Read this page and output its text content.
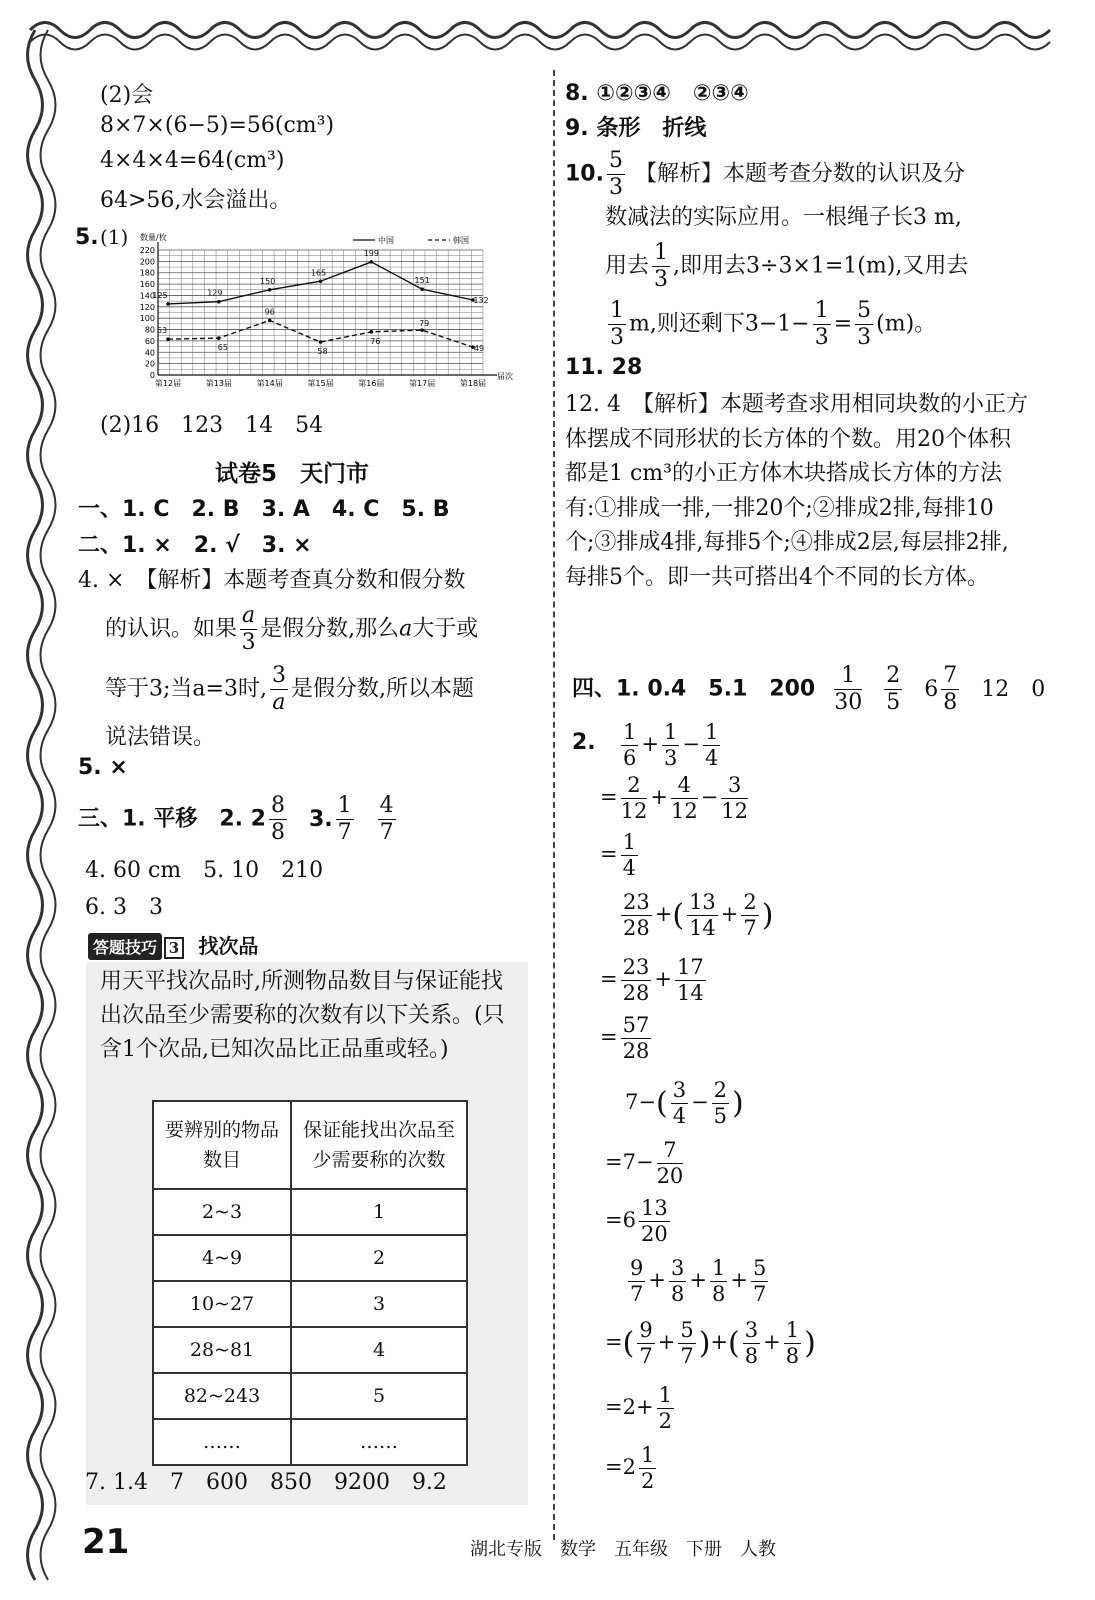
(2)会
8×7×(6−5)=56(cm³)
4×4×4=64(cm³)
64>56,水会溢出。
5. (1)
0
20
40
60
80
100
120
140
160
180
200
220
数量/枚
届次
第12届	第13届	第14届	第15届	第16届	第17届	第18届
中国	韩国
125	129
150
165
199
151
132
63
65
96
58
76
79
49
(2)16　123　14　54
试卷5　天门市
一、1. C　2. B　3. A　4. C　5. B
二、1. ×　2. √　3. ×
4. ×　【解析】本题考查真分数和假分数
的认识。如果 $\frac{a}{3}$ 是假分数,那么a大于或
等于3;当a=3时, $\frac{3}{a}$ 是假分数,所以本题
说法错误。
5. ×
三、1. 平移　2. $2 \frac{8}{8} 3$. $\frac{1}{7}$
$\frac{4}{7}$
4. 60 cm　5. 10　210
6. 3　3
答题技巧 3 找次品
用天平找次品时,所测物品数目与保证能找出次品至少需要称的次数有以下关系。(只含1个次品,已知次品比正品重或轻。)
要辨别的物品数目	保证能找出次品至少需要称的次数
2~3	1
4~9	2
10~27	3
28~81	4
82~243	5
……	……
7. 1.4　7　600　850　9200　9.2
8. ①②③④　②③④
9. 条形　折线
10. $\frac{5}{3}$ 【解析】本题考查分数的认识及分
数减法的实际应用。一根绳子长3 m,
用去 $\frac{1}{3}$ ,即用去3÷3×1=1(m),又用去
$\frac{1}{3} m$,则还剩下$3-1- \frac{1}{3} = \frac{5}{3} (m)$。
11. 28
12. 4　【解析】本题考查求用相同块数的小正方体摆成不同形状的长方体的个数。用20个体积都是1 cm³的小正方体木块搭成长方体的方法有:①排成一排,一排20个;②排成2排,每排10个;③排成4排,每排5个;④排成2层,每层排2排,每排5个。即一共可搭出4个不同的长方体。
四、1. 0.4　5.1　$200 \frac{1}{30}$
$\frac{2}{5} 6 \frac{7}{8} 12$　0
2. $\frac{1}{6} + \frac{1}{3} - \frac{1}{4}$
= $\frac{2}{12} + \frac{4}{12} - \frac{3}{12}$
= $\frac{1}{4}$
$\frac{23}{28}$ +( $\frac{13}{14} + \frac{2}{7}$ )
= $\frac{23}{28} + \frac{17}{14}$
= $\frac{57}{28}$
$7-( \frac{3}{4} - \frac{2}{5}$ )
$=7- \frac{7}{20}$
$=6 \frac{13}{20}$
$\frac{9}{7} + \frac{3}{8} + \frac{1}{8} + \frac{5}{7}$
=( $\frac{9}{7} + \frac{5}{7}$ )+( $\frac{3}{8} + \frac{1}{8}$ )
$=2+ \frac{1}{2}$
$=2 \frac{1}{2}$
21	湖北专版　数学　五年级　下册　人教
